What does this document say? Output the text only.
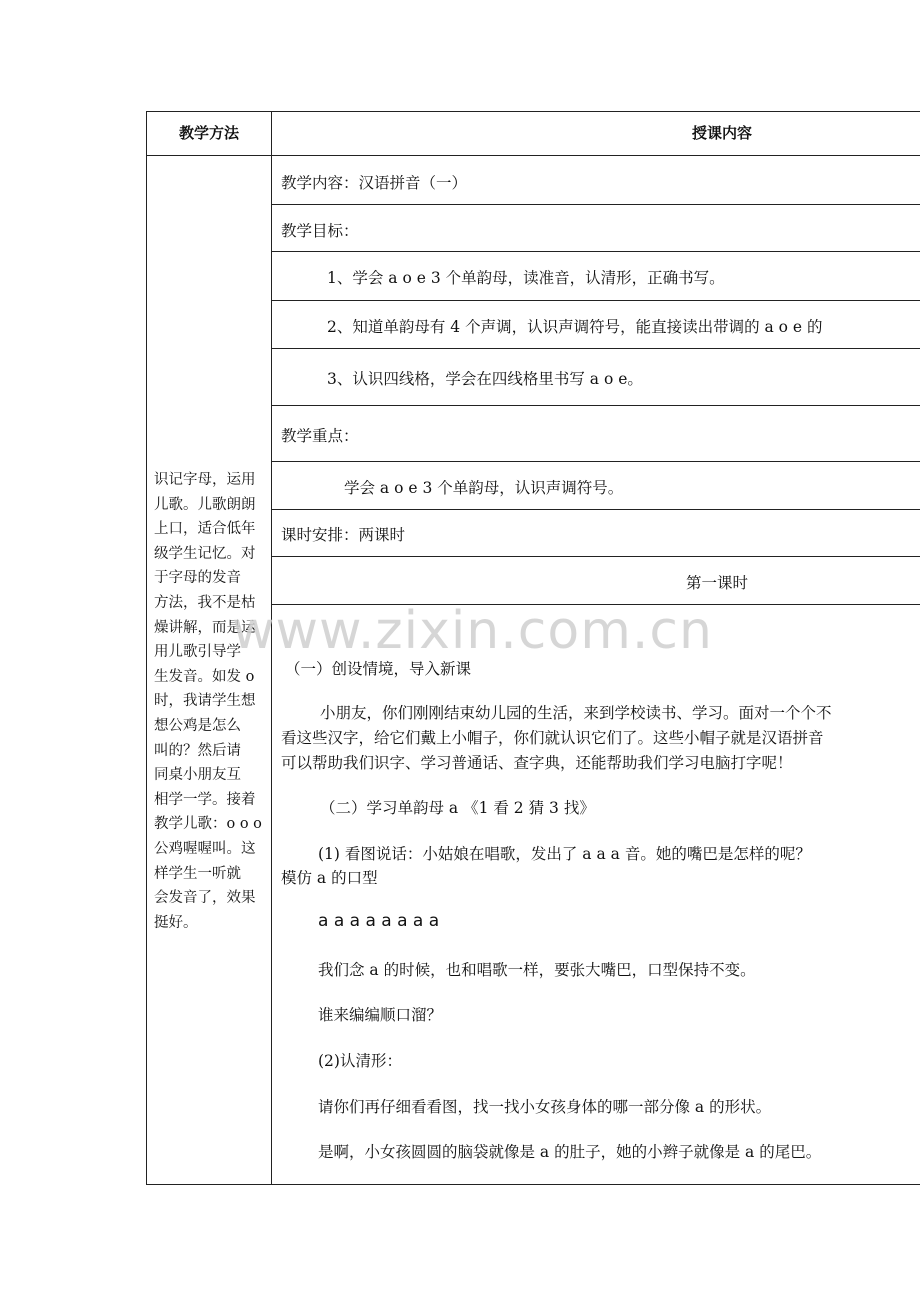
教学方法	授课内容
识记字母，运用
儿歌。儿歌朗朗
上口，适合低年
级学生记忆。对
于字母的发音
方法，我不是枯
燥讲解，而是运
用儿歌引导学
生发音。如发 o
时，我请学生想
想公鸡是怎么
叫的？然后请
同桌小朋友互
相学一学。接着
教学儿歌：o o o
公鸡喔喔叫。这
样学生一听就
会发音了，效果
挺好。
教学内容：汉语拼音（一）
教学目标：
1、学会 a o e 3 个单韵母，读准音，认清形，正确书写。
2、知道单韵母有 4 个声调，认识声调符号，能直接读出带调的 a o e 的
3、认识四线格，学会在四线格里书写 a o e。
教学重点：
学会 a o e 3 个单韵母，认识声调符号。
课时安排：两课时
第一课时
www.zixin.com.cn
（一）创设情境，导入新课
小朋友，你们刚刚结束幼儿园的生活，来到学校读书、学习。面对一个个不
看这些汉字，给它们戴上小帽子，你们就认识它们了。这些小帽子就是汉语拼音
可以帮助我们识字、学习普通话、查字典，还能帮助我们学习电脑打字呢！
（二）学习单韵母 a 《1 看 2 猜 3 找》
(1) 看图说话：小姑娘在唱歌，发出了 a a a 音。她的嘴巴是怎样的呢？
模仿 a 的口型
a a a a a a a a
我们念 a 的时候，也和唱歌一样，要张大嘴巴，口型保持不变。
谁来编编顺口溜？
(2)认清形：
请你们再仔细看看图，找一找小女孩身体的哪一部分像 a 的形状。
是啊，小女孩圆圆的脑袋就像是 a 的肚子，她的小辫子就像是 a 的尾巴。
